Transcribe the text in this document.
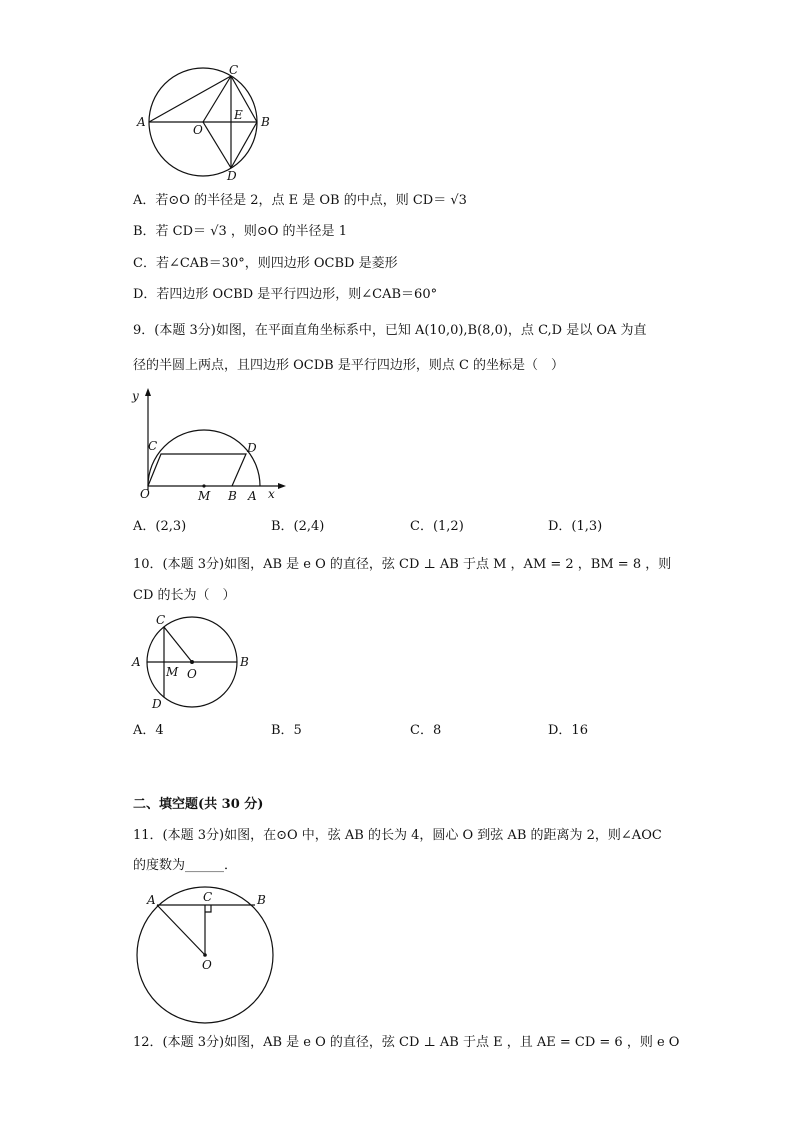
A	B
C
D
O
E
A．若⊙O 的半径是 2，点 E 是 OB 的中点，则 CD＝ √3
B．若 CD＝ √3 ，则⊙O 的半径是 1
C．若∠CAB＝30°，则四边形 OCBD 是菱形
D．若四边形 OCBD 是平行四边形，则∠CAB＝60°
9．(本题 3分)如图，在平面直角坐标系中，已知 A(10,0),B(8,0)，点 C,D 是以 OA 为直
径的半圆上两点，且四边形 OCDB 是平行四边形，则点 C 的坐标是（　）
y
x
O	M B A
C	D
A．(2,3)	B．(2,4)	C．(1,2)	D．(1,3)
10．(本题 3分)如图，AB 是 e O 的直径，弦 CD ⊥ AB 于点 M ，AM = 2 ，BM = 8 ，则
CD 的长为（　）
A	B
C
D
M O
A．4	B．5	C．8	D．16
二、填空题(共 30 分)
11．(本题 3分)如图，在⊙O 中，弦 AB 的长为 4，圆心 O 到弦 AB 的距离为 2，则∠AOC
的度数为______．
A	B
C
O
12．(本题 3分)如图，AB 是 e O 的直径，弦 CD ⊥ AB 于点 E ，且 AE = CD = 6 ，则 e O
